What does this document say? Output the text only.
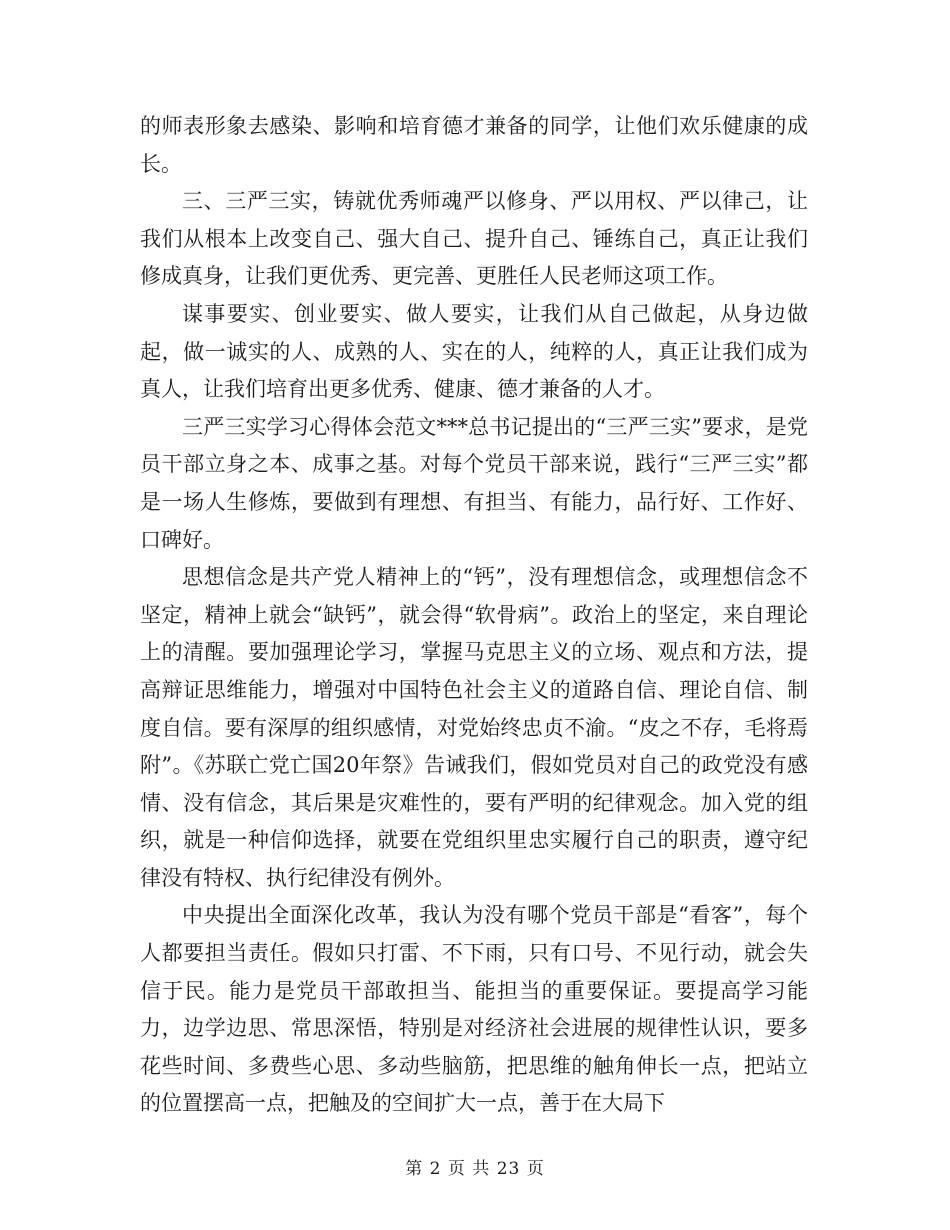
的师表形象去感染、影响和培育德才兼备的同学，让他们欢乐健康的成长。

三、三严三实，铸就优秀师魂严以修身、严以用权、严以律己，让我们从根本上改变自己、强大自己、提升自己、锤练自己，真正让我们修成真身，让我们更优秀、更完善、更胜任人民老师这项工作。

谋事要实、创业要实、做人要实，让我们从自己做起，从身边做起，做一诚实的人、成熟的人、实在的人，纯粹的人，真正让我们成为真人，让我们培育出更多优秀、健康、德才兼备的人才。

三严三实学习心得体会范文***总书记提出的“三严三实”要求，是党员干部立身之本、成事之基。对每个党员干部来说，践行“三严三实”都是一场人生修炼，要做到有理想、有担当、有能力，品行好、工作好、口碑好。

思想信念是共产党人精神上的“钙”，没有理想信念，或理想信念不坚定，精神上就会“缺钙”，就会得“软骨病”。政治上的坚定，来自理论上的清醒。要加强理论学习，掌握马克思主义的立场、观点和方法，提高辩证思维能力，增强对中国特色社会主义的道路自信、理论自信、制度自信。要有深厚的组织感情，对党始终忠贞不渝。“皮之不存，毛将焉附”。《苏联亡党亡国20年祭》告诫我们，假如党员对自己的政党没有感情、没有信念，其后果是灾难性的，要有严明的纪律观念。加入党的组织，就是一种信仰选择，就要在党组织里忠实履行自己的职责，遵守纪律没有特权、执行纪律没有例外。

中央提出全面深化改革，我认为没有哪个党员干部是“看客”，每个人都要担当责任。假如只打雷、不下雨，只有口号、不见行动，就会失信于民。能力是党员干部敢担当、能担当的重要保证。要提高学习能力，边学边思、常思深悟，特别是对经济社会进展的规律性认识，要多花些时间、多费些心思、多动些脑筋，把思维的触角伸长一点，把站立的位置摆高一点，把触及的空间扩大一点，善于在大局下

第 2 页 共 23 页
